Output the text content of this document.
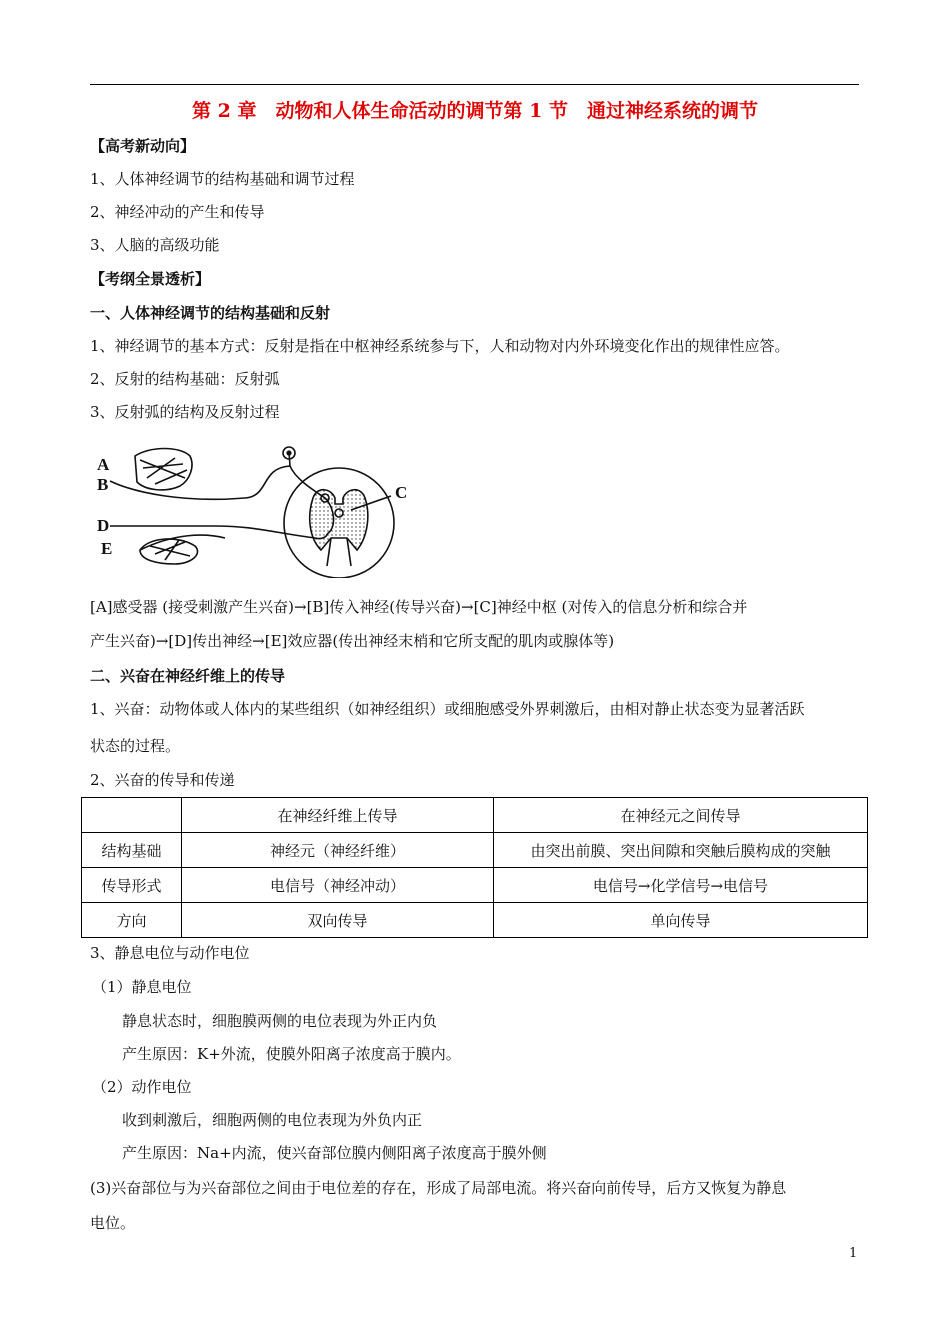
第 2 章　动物和人体生命活动的调节第 1 节　通过神经系统的调节
【高考新动向】
1、人体神经调节的结构基础和调节过程
2、神经冲动的产生和传导
3、人脑的高级功能
【考纲全景透析】
一、人体神经调节的结构基础和反射
1、神经调节的基本方式：反射是指在中枢神经系统参与下，人和动物对内外环境变化作出的规律性应答。
2、反射的结构基础：反射弧
3、反射弧的结构及反射过程
A
B	C
D
E
[A]感受器 (接受刺激产生兴奋)→[B]传入神经(传导兴奋)→[C]神经中枢 (对传入的信息分析和综合并
产生兴奋)→[D]传出神经→[E]效应器(传出神经末梢和它所支配的肌肉或腺体等)
二、兴奋在神经纤维上的传导
1、兴奋：动物体或人体内的某些组织（如神经组织）或细胞感受外界刺激后，由相对静止状态变为显著活跃
状态的过程。
2、兴奋的传导和传递
	在神经纤维上传导	在神经元之间传导
结构基础	神经元（神经纤维）	由突出前膜、突出间隙和突触后膜构成的突触
传导形式	电信号（神经冲动）	电信号→化学信号→电信号
方向	双向传导	单向传导
3、静息电位与动作电位
（1）静息电位
静息状态时，细胞膜两侧的电位表现为外正内负
产生原因：K+外流，使膜外阳离子浓度高于膜内。
（2）动作电位
收到刺激后，细胞两侧的电位表现为外负内正
产生原因：Na+内流，使兴奋部位膜内侧阳离子浓度高于膜外侧
(3)兴奋部位与为兴奋部位之间由于电位差的存在，形成了局部电流。将兴奋向前传导，后方又恢复为静息
电位。
1
